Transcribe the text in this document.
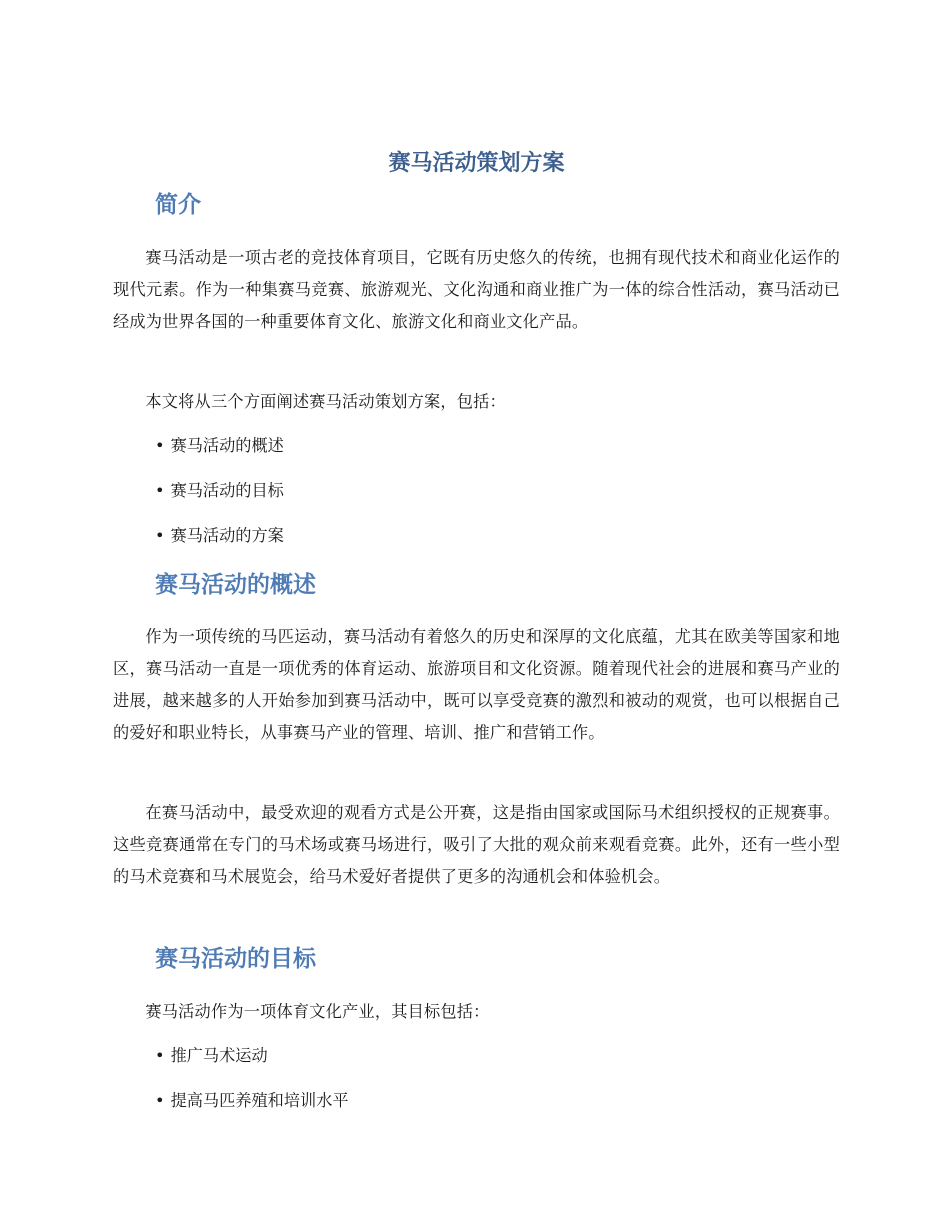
赛马活动策划方案
简介

赛马活动是一项古老的竞技体育项目，它既有历史悠久的传统，也拥有现代技术和商业化运作的现代元素。作为一种集赛马竞赛、旅游观光、文化沟通和商业推广为一体的综合性活动，赛马活动已经成为世界各国的一种重要体育文化、旅游文化和商业文化产品。

本文将从三个方面阐述赛马活动策划方案，包括：

• 赛马活动的概述
• 赛马活动的目标
• 赛马活动的方案
赛马活动的概述

作为一项传统的马匹运动，赛马活动有着悠久的历史和深厚的文化底蕴，尤其在欧美等国家和地区，赛马活动一直是一项优秀的体育运动、旅游项目和文化资源。随着现代社会的进展和赛马产业的进展，越来越多的人开始参加到赛马活动中，既可以享受竞赛的激烈和被动的观赏，也可以根据自己的爱好和职业特长，从事赛马产业的管理、培训、推广和营销工作。

在赛马活动中，最受欢迎的观看方式是公开赛，这是指由国家或国际马术组织授权的正规赛事。这些竞赛通常在专门的马术场或赛马场进行，吸引了大批的观众前来观看竞赛。此外，还有一些小型的马术竞赛和马术展览会，给马术爱好者提供了更多的沟通机会和体验机会。

赛马活动的目标

赛马活动作为一项体育文化产业，其目标包括：

• 推广马术运动
• 提高马匹养殖和培训水平
